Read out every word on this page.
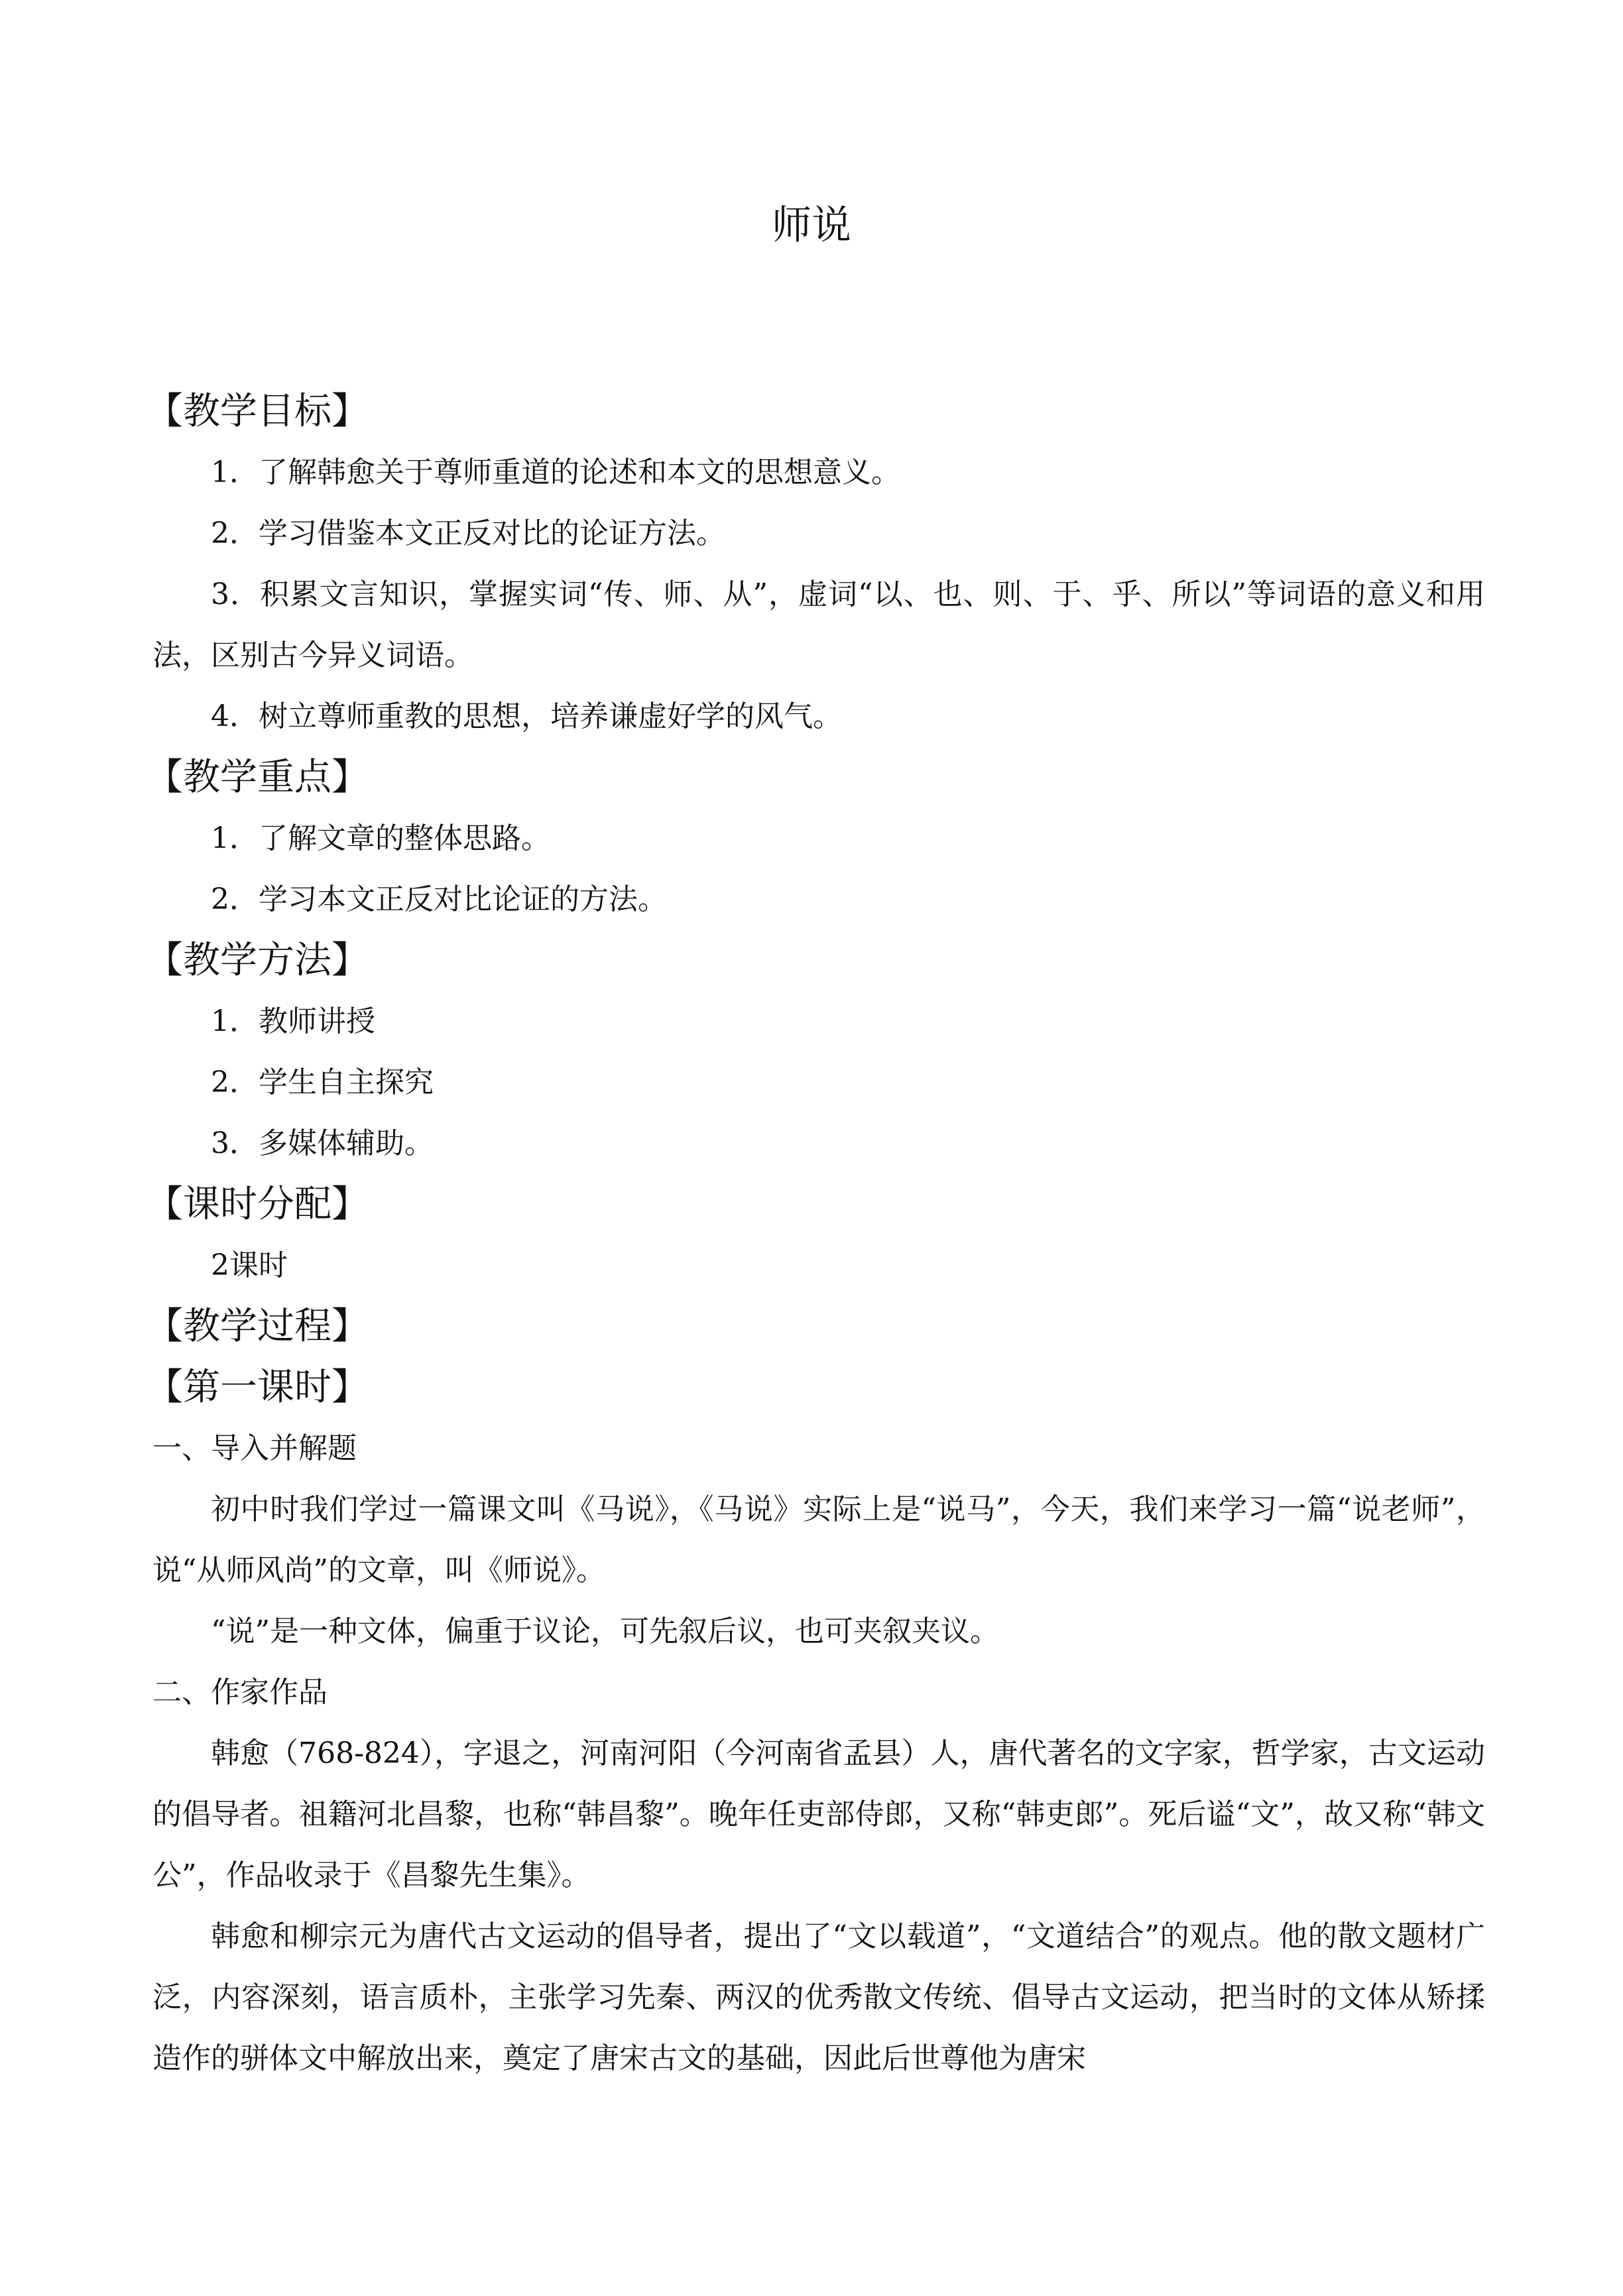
师说
【教学目标】

1．了解韩愈关于尊师重道的论述和本文的思想意义。

2．学习借鉴本文正反对比的论证方法。

3．积累文言知识，掌握实词“传、师、从”，虚词“以、也、则、于、乎、所以”等词语的意义和用法，区别古今异义词语。

4．树立尊师重教的思想，培养谦虚好学的风气。

【教学重点】

1．了解文章的整体思路。

2．学习本文正反对比论证的方法。

【教学方法】

1．教师讲授

2．学生自主探究

3．多媒体辅助。

【课时分配】
2课时
【教学过程】
【第一课时】
一、导入并解题

初中时我们学过一篇课文叫《马说》，《马说》实际上是“说马”，今天，我们来学习一篇“说老师”，说“从师风尚”的文章，叫《师说》。

“说”是一种文体，偏重于议论，可先叙后议，也可夹叙夹议。

二、作家作品

韩愈（768-824），字退之，河南河阳（今河南省孟县）人，唐代著名的文字家，哲学家，古文运动的倡导者。祖籍河北昌黎，也称“韩昌黎”。晚年任吏部侍郎，又称“韩吏郎”。死后谥“文”，故又称“韩文公”，作品收录于《昌黎先生集》。

韩愈和柳宗元为唐代古文运动的倡导者，提出了“文以载道”，“文道结合”的观点。他的散文题材广泛，内容深刻，语言质朴，主张学习先秦、两汉的优秀散文传统、倡导古文运动，把当时的文体从矫揉造作的骈体文中解放出来，奠定了唐宋古文的基础，因此后世尊他为唐宋
